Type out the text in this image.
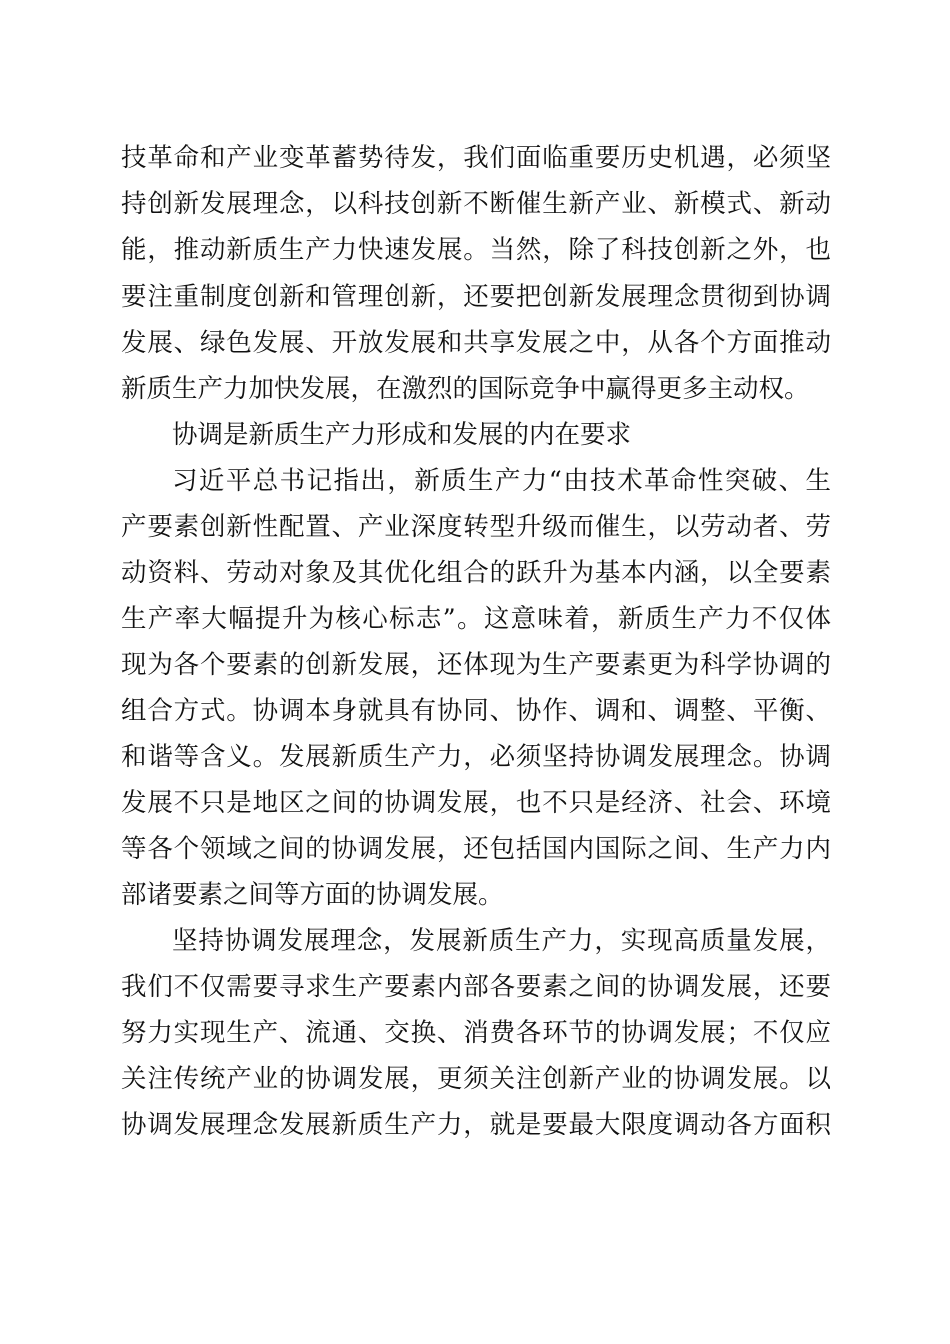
技革命和产业变革蓄势待发，我们面临重要历史机遇，必须坚
持创新发展理念，以科技创新不断催生新产业、新模式、新动
能，推动新质生产力快速发展。当然，除了科技创新之外，也
要注重制度创新和管理创新，还要把创新发展理念贯彻到协调
发展、绿色发展、开放发展和共享发展之中，从各个方面推动
新质生产力加快发展，在激烈的国际竞争中赢得更多主动权。
协调是新质生产力形成和发展的内在要求
习近平总书记指出，新质生产力“由技术革命性突破、生
产要素创新性配置、产业深度转型升级而催生，以劳动者、劳
动资料、劳动对象及其优化组合的跃升为基本内涵，以全要素
生产率大幅提升为核心标志”。这意味着，新质生产力不仅体
现为各个要素的创新发展，还体现为生产要素更为科学协调的
组合方式。协调本身就具有协同、协作、调和、调整、平衡、
和谐等含义。发展新质生产力，必须坚持协调发展理念。协调
发展不只是地区之间的协调发展，也不只是经济、社会、环境
等各个领域之间的协调发展，还包括国内国际之间、生产力内
部诸要素之间等方面的协调发展。
坚持协调发展理念，发展新质生产力，实现高质量发展，
我们不仅需要寻求生产要素内部各要素之间的协调发展，还要
努力实现生产、流通、交换、消费各环节的协调发展；不仅应
关注传统产业的协调发展，更须关注创新产业的协调发展。以
协调发展理念发展新质生产力，就是要最大限度调动各方面积
